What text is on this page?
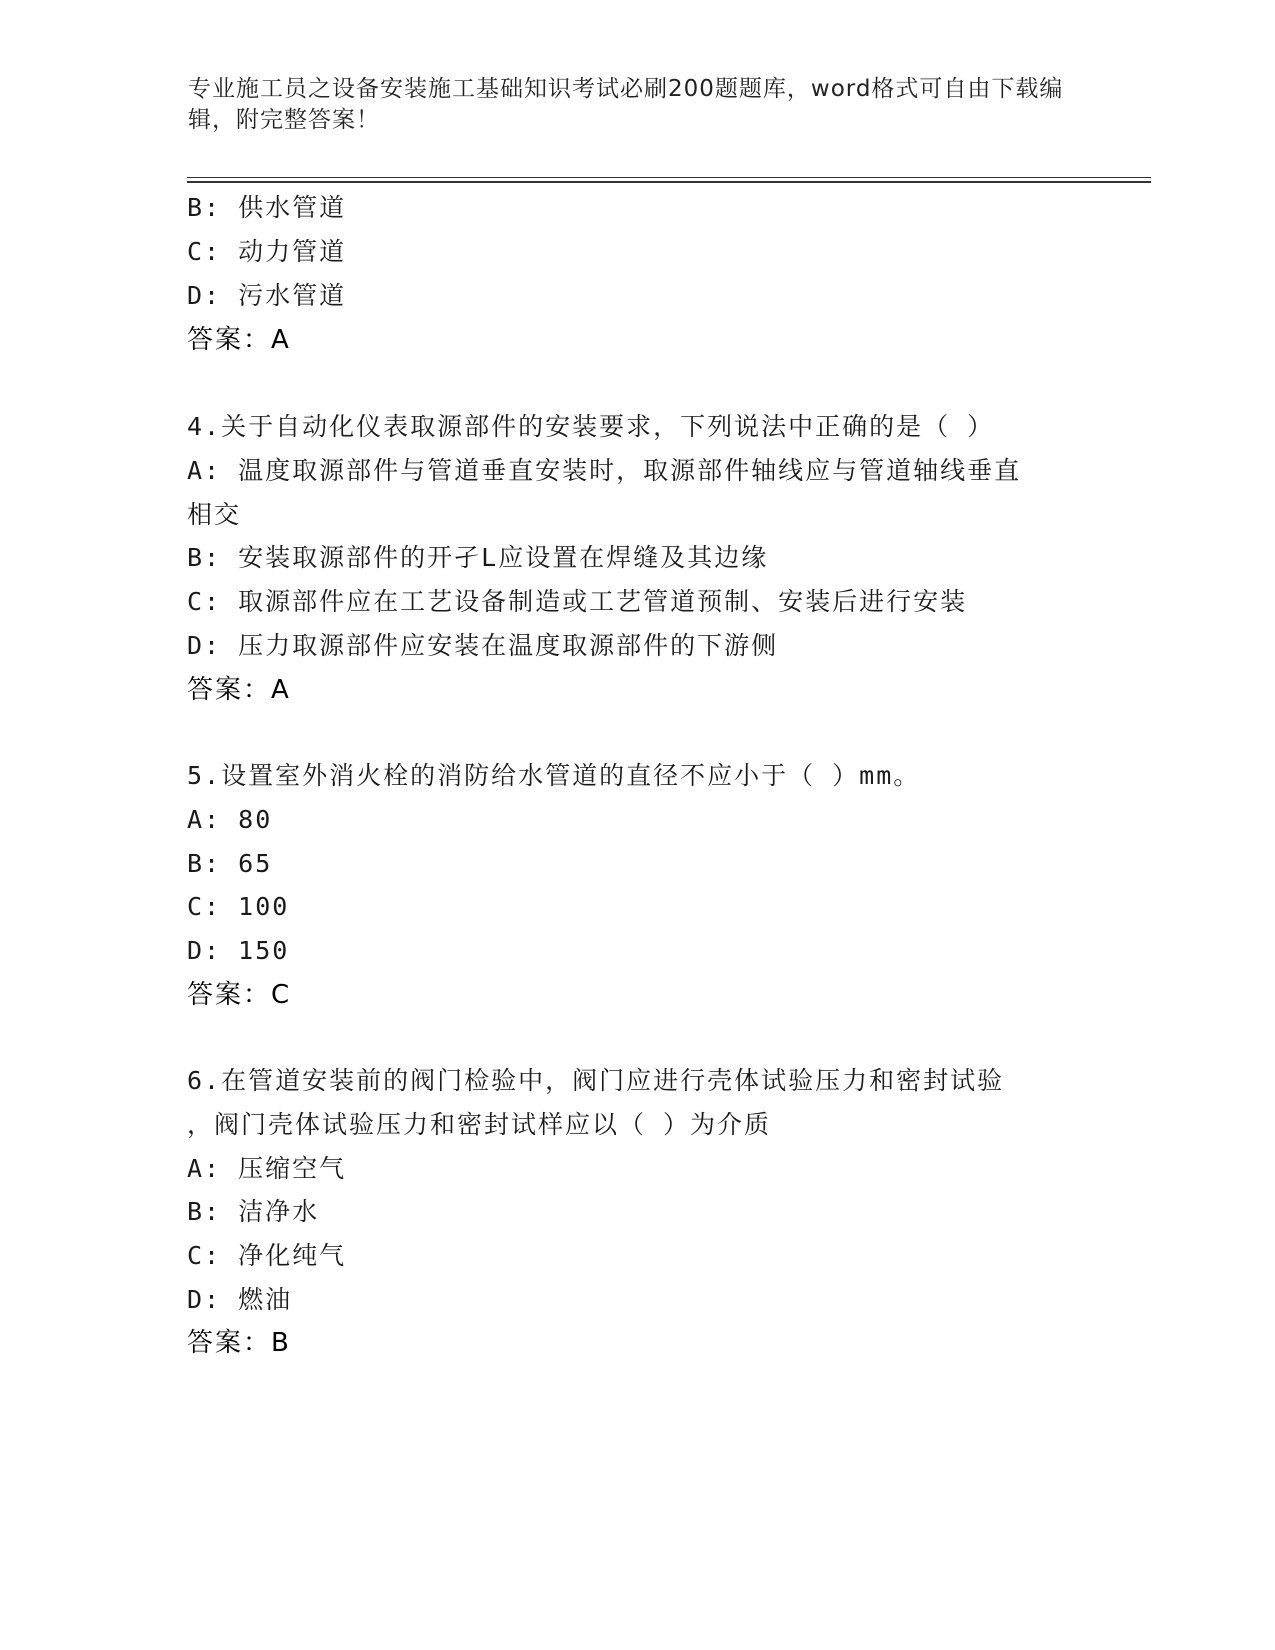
专业施工员之设备安装施工基础知识考试必刷200题题库，word格式可自由下载编辑，附完整答案！
B: 供水管道
C: 动力管道
D: 污水管道
答案：A
4.关于自动化仪表取源部件的安装要求，下列说法中正确的是（ ）
A: 温度取源部件与管道垂直安装时，取源部件轴线应与管道轴线垂直
相交
B: 安装取源部件的开孑L应设置在焊缝及其边缘
C: 取源部件应在工艺设备制造或工艺管道预制、安装后进行安装
D: 压力取源部件应安装在温度取源部件的下游侧
答案：A
5.设置室外消火栓的消防给水管道的直径不应小于（ ）mm。
A: 80
B: 65
C: 100
D: 150
答案：C
6.在管道安装前的阀门检验中，阀门应进行壳体试验压力和密封试验
，阀门壳体试验压力和密封试样应以（ ）为介质
A: 压缩空气
B: 洁净水
C: 净化纯气
D: 燃油
答案：B
